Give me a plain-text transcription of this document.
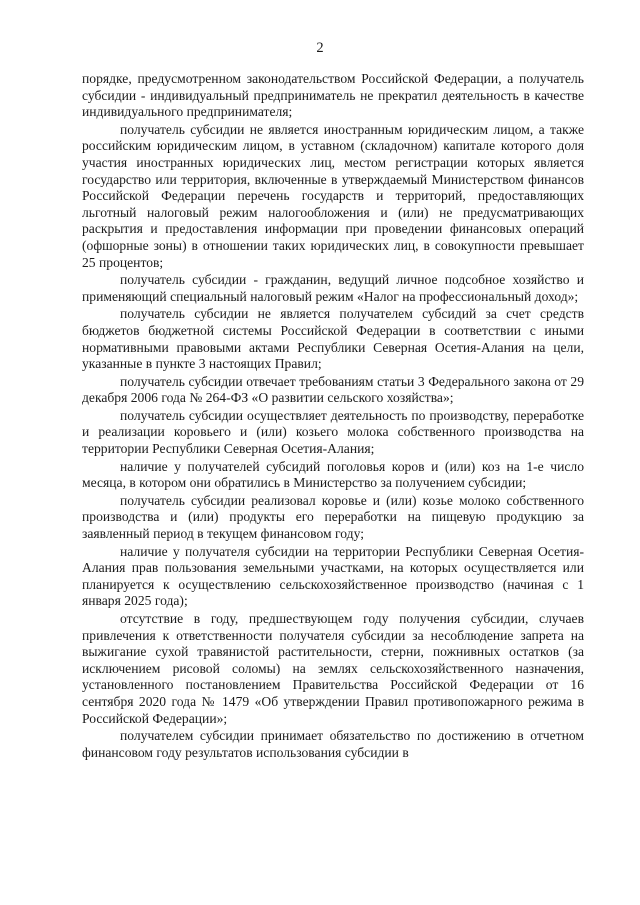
2

порядке, предусмотренном законодательством Российской Федерации, а получатель субсидии - индивидуальный предприниматель не прекратил деятельность в качестве индивидуального предпринимателя;

получатель субсидии не является иностранным юридическим лицом, а также российским юридическим лицом, в уставном (складочном) капитале которого доля участия иностранных юридических лиц, местом регистрации которых является государство или территория, включенные в утверждаемый Министерством финансов Российской Федерации перечень государств и территорий, предоставляющих льготный налоговый режим налогообложения и (или) не предусматривающих раскрытия и предоставления информации при проведении финансовых операций (офшорные зоны) в отношении таких юридических лиц, в совокупности превышает 25 процентов;

получатель субсидии - гражданин, ведущий личное подсобное хозяйство и применяющий специальный налоговый режим «Налог на профессиональный доход»;

получатель субсидии не является получателем субсидий за счет средств бюджетов бюджетной системы Российской Федерации в соответствии с иными нормативными правовыми актами Республики Северная Осетия-Алания на цели, указанные в пункте 3 настоящих Правил;

получатель субсидии отвечает требованиям статьи 3 Федерального закона от 29 декабря 2006 года № 264-ФЗ «О развитии сельского хозяйства»;

получатель субсидии осуществляет деятельность по производству, переработке и реализации коровьего и (или) козьего молока собственного производства на территории Республики Северная Осетия-Алания;

наличие у получателей субсидий поголовья коров и (или) коз на 1-е число месяца, в котором они обратились в Министерство за получением субсидии;

получатель субсидии реализовал коровье и (или) козье молоко собственного производства и (или) продукты его переработки на пищевую продукцию за заявленный период в текущем финансовом году;

наличие у получателя субсидии на территории Республики Северная Осетия-Алания прав пользования земельными участками, на которых осуществляется или планируется к осуществлению сельскохозяйственное производство (начиная с 1 января 2025 года);

отсутствие в году, предшествующем году получения субсидии, случаев привлечения к ответственности получателя субсидии за несоблюдение запрета на выжигание сухой травянистой растительности, стерни, пожнивных остатков (за исключением рисовой соломы) на землях сельскохозяйственного назначения, установленного постановлением Правительства Российской Федерации от 16 сентября 2020 года № 1479 «Об утверждении Правил противопожарного режима в Российской Федерации»;

получателем субсидии принимает обязательство по достижению в отчетном финансовом году результатов использования субсидии в
